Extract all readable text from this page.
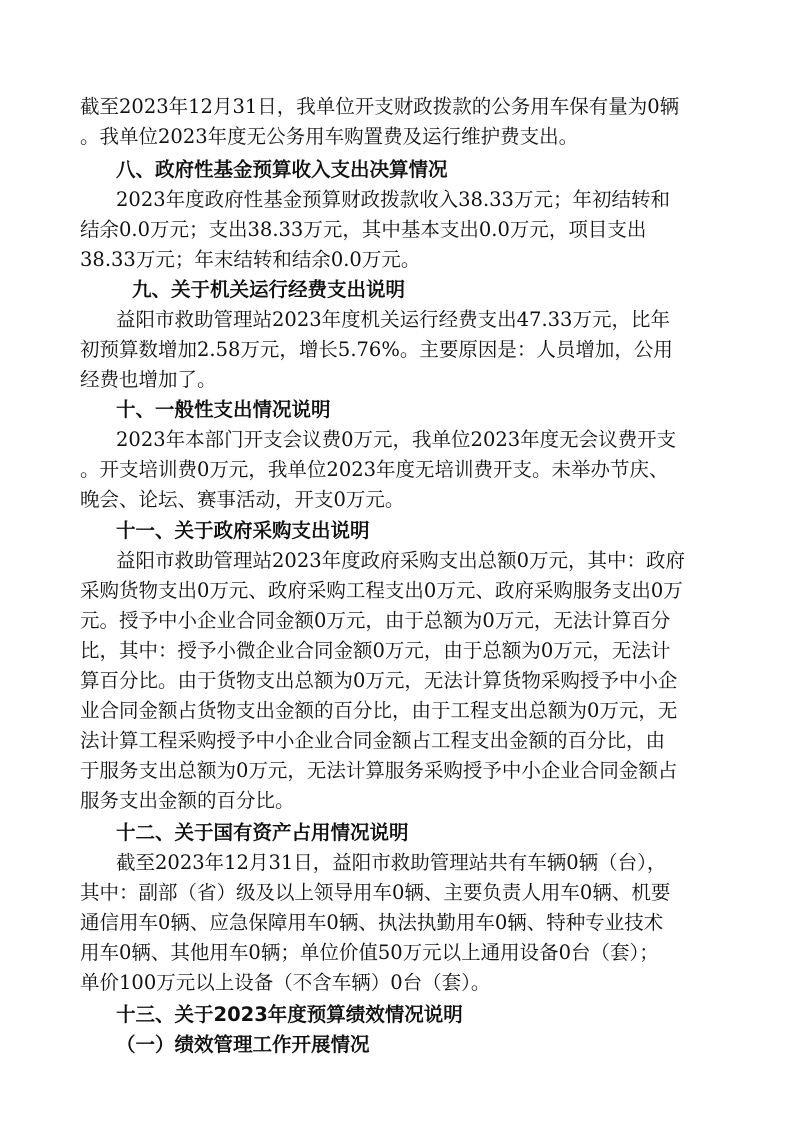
截至2023年12月31日，我单位开支财政拨款的公务用车保有量为0辆
。我单位2023年度无公务用车购置费及运行维护费支出。
八、政府性基金预算收入支出决算情况
2023年度政府性基金预算财政拨款收入38.33万元；年初结转和
结余0.0万元；支出38.33万元，其中基本支出0.0万元，项目支出
38.33万元；年末结转和结余0.0万元。
九、关于机关运行经费支出说明
益阳市救助管理站2023年度机关运行经费支出47.33万元，比年
初预算数增加2.58万元，增长5.76%。主要原因是：人员增加，公用
经费也增加了。
十、一般性支出情况说明
2023年本部门开支会议费0万元，我单位2023年度无会议费开支
。开支培训费0万元，我单位2023年度无培训费开支。未举办节庆、
晚会、论坛、赛事活动，开支0万元。
十一、关于政府采购支出说明
益阳市救助管理站2023年度政府采购支出总额0万元，其中：政府
采购货物支出0万元、政府采购工程支出0万元、政府采购服务支出0万
元。授予中小企业合同金额0万元，由于总额为0万元，无法计算百分
比，其中：授予小微企业合同金额0万元，由于总额为0万元，无法计
算百分比。由于货物支出总额为0万元，无法计算货物采购授予中小企
业合同金额占货物支出金额的百分比，由于工程支出总额为0万元，无
法计算工程采购授予中小企业合同金额占工程支出金额的百分比，由
于服务支出总额为0万元，无法计算服务采购授予中小企业合同金额占
服务支出金额的百分比。
十二、关于国有资产占用情况说明
截至2023年12月31日，益阳市救助管理站共有车辆0辆（台），
其中：副部（省）级及以上领导用车0辆、主要负责人用车0辆、机要
通信用车0辆、应急保障用车0辆、执法执勤用车0辆、特种专业技术
用车0辆、其他用车0辆；单位价值50万元以上通用设备0台（套）；
单价100万元以上设备（不含车辆）0台（套）。
十三、关于2023年度预算绩效情况说明
（一）绩效管理工作开展情况
